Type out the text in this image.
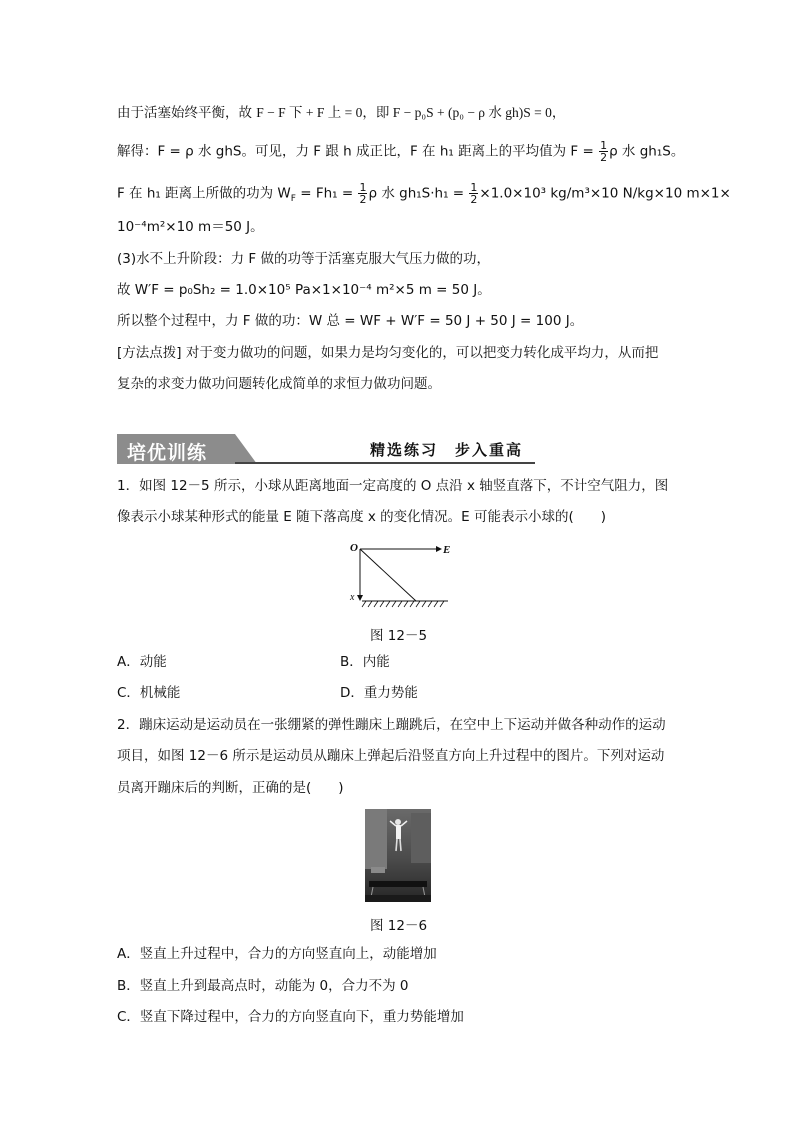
由于活塞始终平衡，故 F − F 下 + F 上 = 0，即 F − p₀S + (p₀ − ρ 水 gh)S = 0，
解得：F = ρ 水 ghS。可见，力 F 跟 h 成正比，F 在 h₁ 距离上的平均值为 $F = \frac{1}{2}$ ρ 水 gh₁S。
F 在 h₁ 距离上所做的功为 $W_F = Fh_1 = \frac{1}{2}$ ρ 水 $gh_1S\cdot h_1 = \frac{1}{2} \times 1.0\times 10^3$ kg/m³×10 N/kg×10 m×1×
10⁻⁴m²×10 m＝50 J。
(3)水不上升阶段：力 F 做的功等于活塞克服大气压力做的功，
故 W′F = p₀Sh₂ = 1.0×10⁵ Pa×1×10⁻⁴ m²×5 m = 50 J。
所以整个过程中，力 F 做的功：W 总 = WF + W′F = 50 J + 50 J = 100 J。
[方法点拨] 对于变力做功的问题，如果力是均匀变化的，可以把变力转化成平均力，从而把
复杂的求变力做功问题转化成简单的求恒力做功问题。
培优训练	精选练习　步入重高
1．如图 12－5 所示，小球从距离地面一定高度的 O 点沿 x 轴竖直落下，不计空气阻力，图
像表示小球某种形式的能量 E 随下落高度 x 的变化情况。E 可能表示小球的(　　)
O	E
x
图 12－5
A．动能	B．内能
C．机械能	D．重力势能
2．蹦床运动是运动员在一张绷紧的弹性蹦床上蹦跳后，在空中上下运动并做各种动作的运动
项目，如图 12－6 所示是运动员从蹦床上弹起后沿竖直方向上升过程中的图片。下列对运动
员离开蹦床后的判断，正确的是(　　)
图 12－6
A．竖直上升过程中，合力的方向竖直向上，动能增加
B．竖直上升到最高点时，动能为 0，合力不为 0
C．竖直下降过程中，合力的方向竖直向下，重力势能增加
